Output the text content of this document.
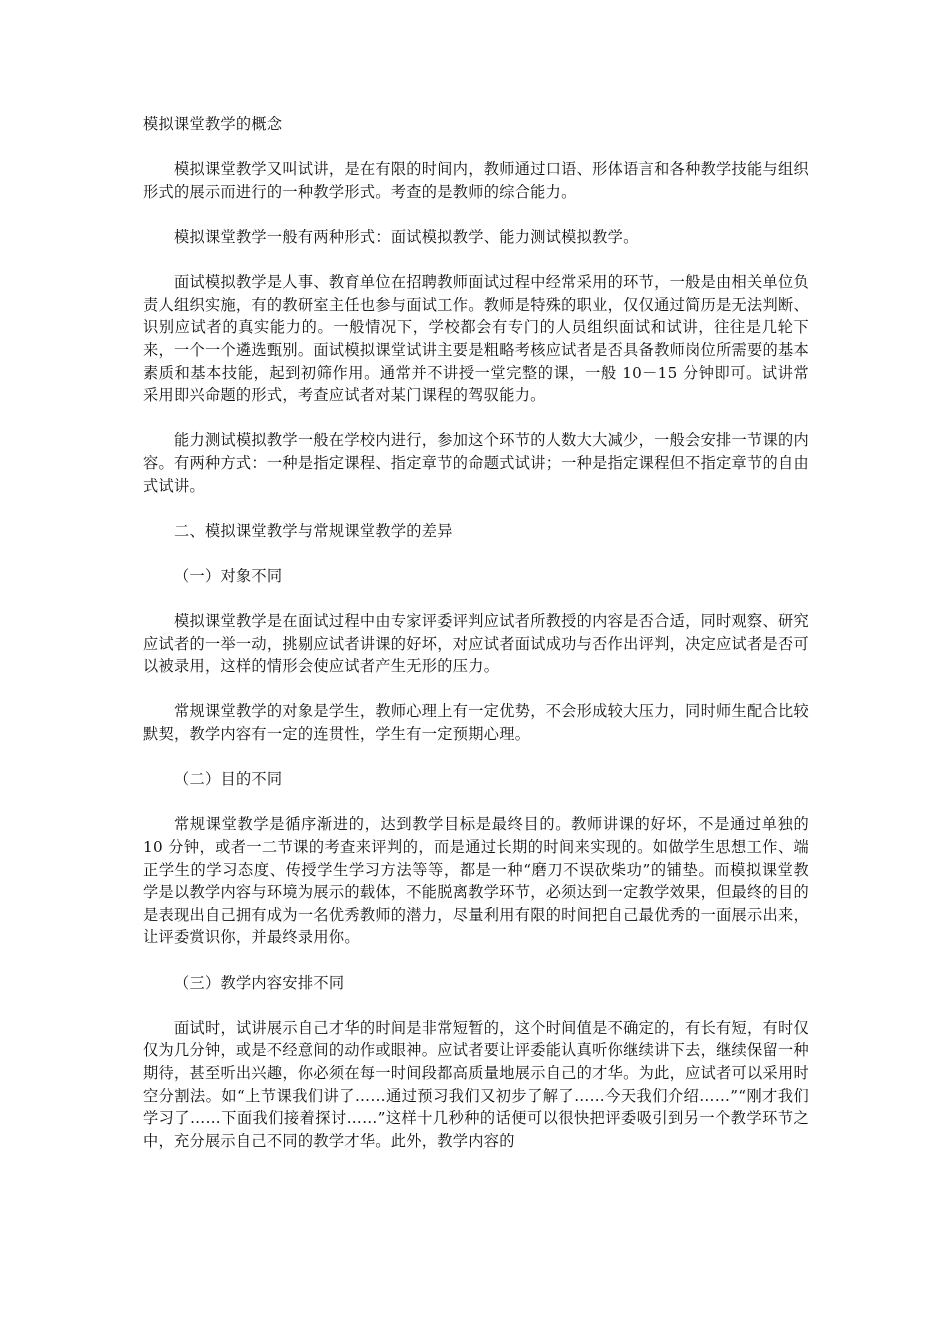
模拟课堂教学的概念

模拟课堂教学又叫试讲，是在有限的时间内，教师通过口语、形体语言和各种教学技能与组织形式的展示而进行的一种教学形式。考查的是教师的综合能力。

模拟课堂教学一般有两种形式：面试模拟教学、能力测试模拟教学。

面试模拟教学是人事、教育单位在招聘教师面试过程中经常采用的环节，一般是由相关单位负责人组织实施，有的教研室主任也参与面试工作。教师是特殊的职业，仅仅通过简历是无法判断、识别应试者的真实能力的。一般情况下，学校都会有专门的人员组织面试和试讲，往往是几轮下来，一个一个遴选甄别。面试模拟课堂试讲主要是粗略考核应试者是否具备教师岗位所需要的基本素质和基本技能，起到初筛作用。通常并不讲授一堂完整的课，一般 10－15 分钟即可。试讲常采用即兴命题的形式，考查应试者对某门课程的驾驭能力。

能力测试模拟教学一般在学校内进行，参加这个环节的人数大大减少，一般会安排一节课的内容。有两种方式：一种是指定课程、指定章节的命题式试讲；一种是指定课程但不指定章节的自由式试讲。

二、模拟课堂教学与常规课堂教学的差异

（一）对象不同

模拟课堂教学是在面试过程中由专家评委评判应试者所教授的内容是否合适，同时观察、研究应试者的一举一动，挑剔应试者讲课的好坏，对应试者面试成功与否作出评判，决定应试者是否可以被录用，这样的情形会使应试者产生无形的压力。

常规课堂教学的对象是学生，教师心理上有一定优势，不会形成较大压力，同时师生配合比较默契，教学内容有一定的连贯性，学生有一定预期心理。

（二）目的不同

常规课堂教学是循序渐进的，达到教学目标是最终目的。教师讲课的好坏，不是通过单独的 10 分钟，或者一二节课的考查来评判的，而是通过长期的时间来实现的。如做学生思想工作、端正学生的学习态度、传授学生学习方法等等，都是一种“磨刀不误砍柴功”的铺垫。而模拟课堂教学是以教学内容与环境为展示的载体，不能脱离教学环节，必须达到一定教学效果，但最终的目的是表现出自己拥有成为一名优秀教师的潜力，尽量利用有限的时间把自己最优秀的一面展示出来，让评委赏识你，并最终录用你。

（三）教学内容安排不同

面试时，试讲展示自己才华的时间是非常短暂的，这个时间值是不确定的，有长有短，有时仅仅为几分钟，或是不经意间的动作或眼神。应试者要让评委能认真听你继续讲下去，继续保留一种期待，甚至听出兴趣，你必须在每一时间段都高质量地展示自己的才华。为此，应试者可以采用时空分割法。如“上节课我们讲了……通过预习我们又初步了解了……今天我们介绍……”“刚才我们学习了……下面我们接着探讨……”这样十几秒种的话便可以很快把评委吸引到另一个教学环节之中，充分展示自己不同的教学才华。此外，教学内容的
